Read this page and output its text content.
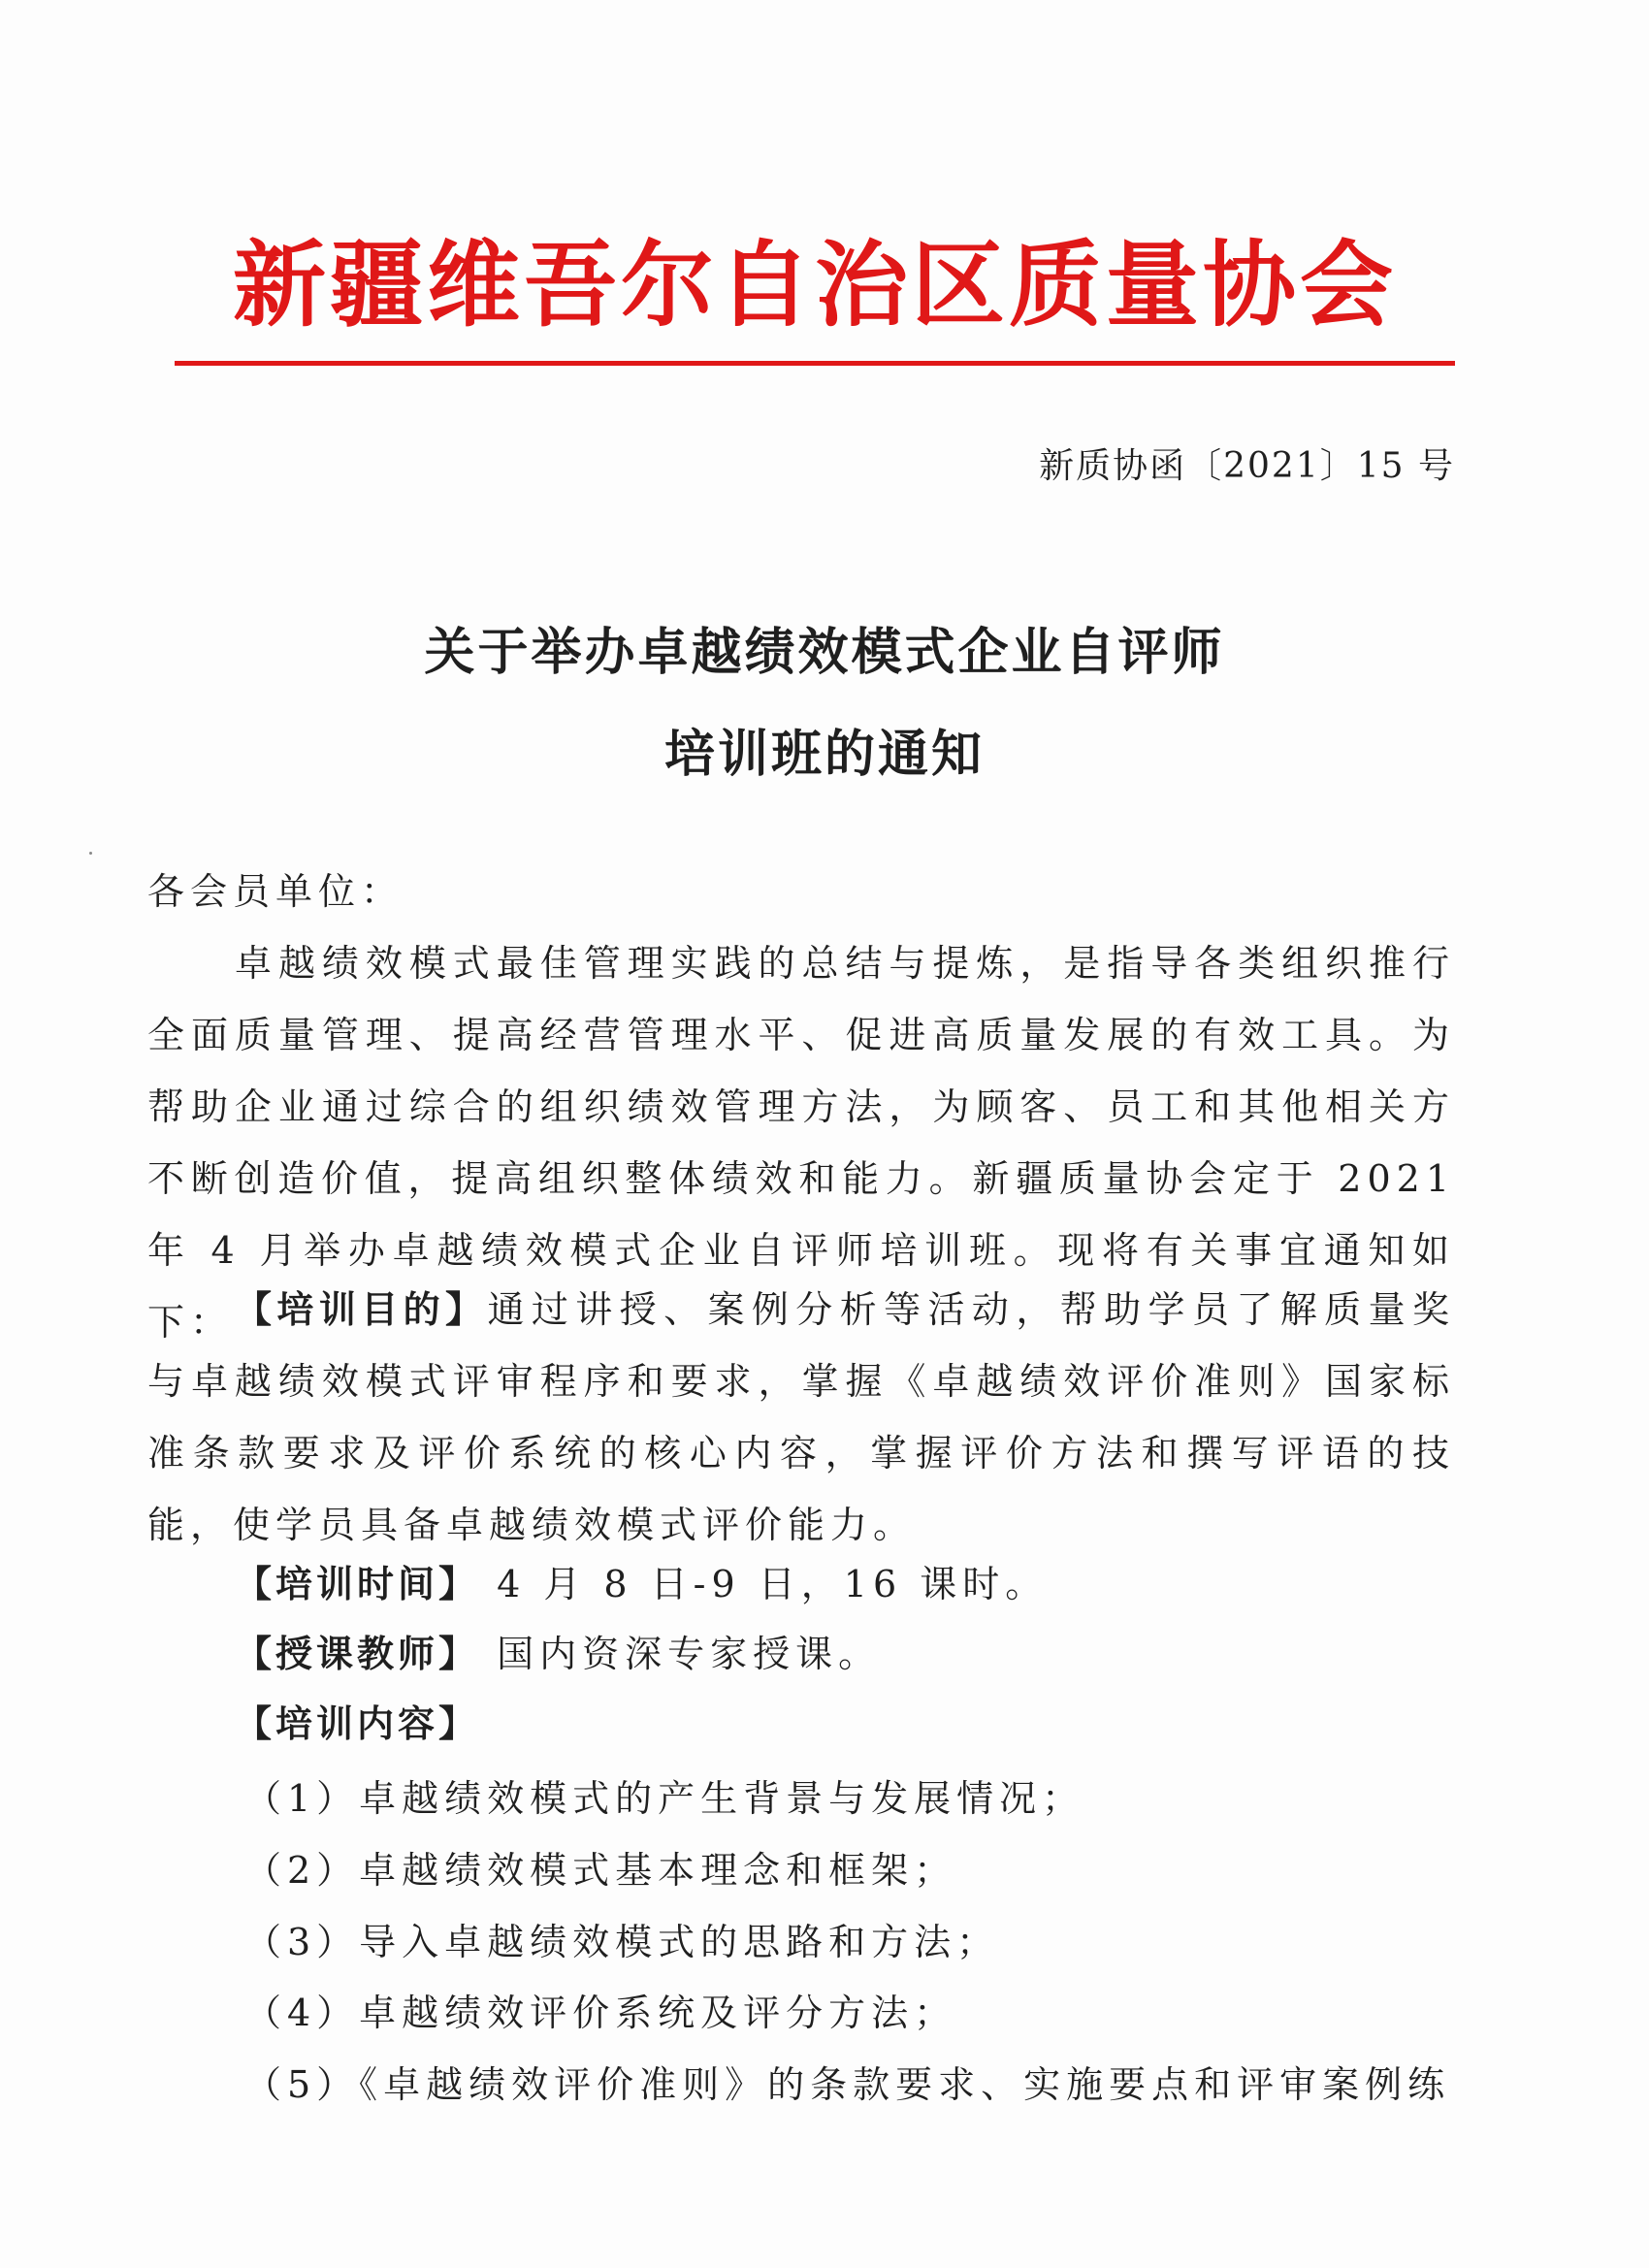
新疆维吾尔自治区质量协会
新质协函〔2021〕15 号
关于举办卓越绩效模式企业自评师
培训班的通知
各会员单位：
卓越绩效模式最佳管理实践的总结与提炼，是指导各类组织推行全面质量管理、提高经营管理水平、促进高质量发展的有效工具。为帮助企业通过综合的组织绩效管理方法，为顾客、员工和其他相关方不断创造价值，提高组织整体绩效和能力。新疆质量协会定于 2021 年 4 月举办卓越绩效模式企业自评师培训班。现将有关事宜通知如下： 【培训目的】通过讲授、案例分析等活动，帮助学员了解质量奖与卓越绩效模式评审程序和要求，掌握《卓越绩效评价准则》国家标准条款要求及评价系统的核心内容，掌握评价方法和撰写评语的技能，使学员具备卓越绩效模式评价能力。
【培训时间】 4 月 8 日-9 日，16 课时。
【授课教师】 国内资深专家授课。
【培训内容】
（1）卓越绩效模式的产生背景与发展情况；
（2）卓越绩效模式基本理念和框架；
（3）导入卓越绩效模式的思路和方法；
（4）卓越绩效评价系统及评分方法；
（5）《卓越绩效评价准则》的条款要求、实施要点和评审案例练
